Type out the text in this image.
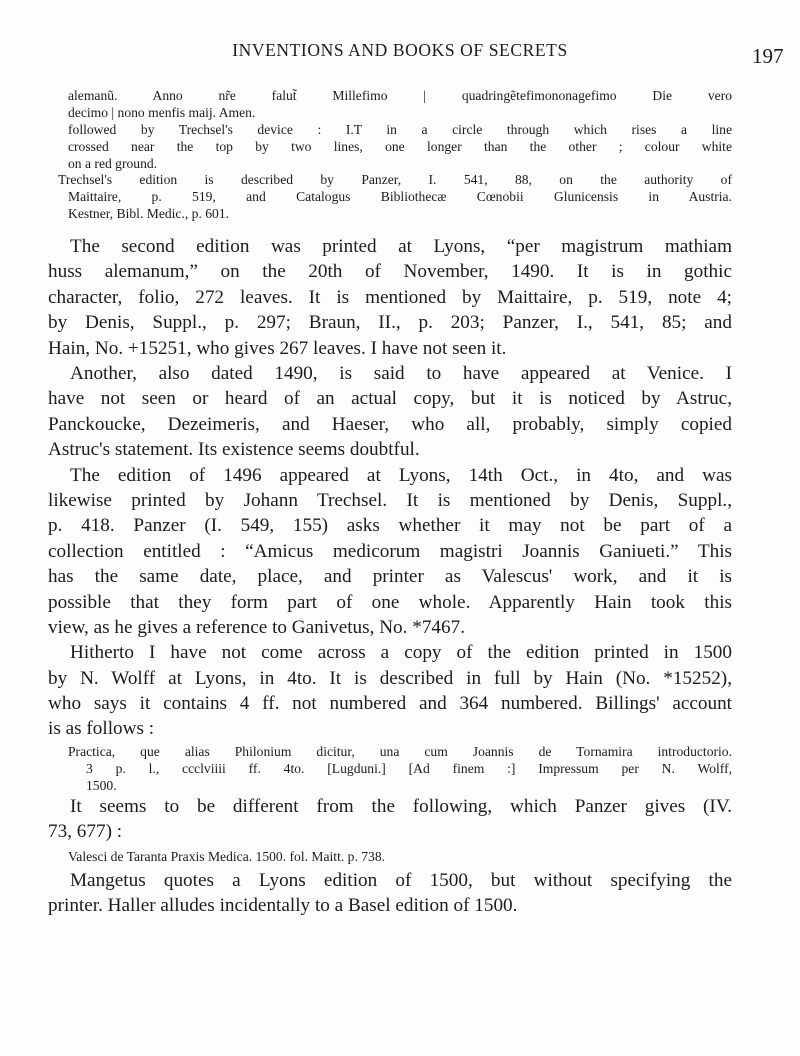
INVENTIONS AND BOOKS OF SECRETS	197
alemanũ. Anno nr̃e falut̃ Millefimo | quadringẽtefimononagefimo Die vero
decimo | nono menfis maij. Amen.
followed by Trechsel's device : I.T in a circle through which rises a line
crossed near the top by two lines, one longer than the other ; colour white
on a red ground.
Trechsel's edition is described by Panzer, I. 541, 88, on the authority of
Maittaire, p. 519, and Catalogus Bibliothecæ Cœnobii Glunicensis in Austria.
Kestner, Bibl. Medic., p. 601.
The second edition was printed at Lyons, “per magistrum mathiam
huss alemanum,” on the 20th of November, 1490. It is in gothic
character, folio, 272 leaves. It is mentioned by Maittaire, p. 519, note 4;
by Denis, Suppl., p. 297; Braun, II., p. 203; Panzer, I., 541, 85; and
Hain, No. +15251, who gives 267 leaves. I have not seen it.
Another, also dated 1490, is said to have appeared at Venice. I
have not seen or heard of an actual copy, but it is noticed by Astruc,
Panckoucke, Dezeimeris, and Haeser, who all, probably, simply copied
Astruc's statement. Its existence seems doubtful.
The edition of 1496 appeared at Lyons, 14th Oct., in 4to, and was
likewise printed by Johann Trechsel. It is mentioned by Denis, Suppl.,
p. 418. Panzer (I. 549, 155) asks whether it may not be part of a
collection entitled : “Amicus medicorum magistri Joannis Ganiueti.” This
has the same date, place, and printer as Valescus' work, and it is
possible that they form part of one whole. Apparently Hain took this
view, as he gives a reference to Ganivetus, No. *7467.
Hitherto I have not come across a copy of the edition printed in 1500
by N. Wolff at Lyons, in 4to. It is described in full by Hain (No. *15252),
who says it contains 4 ff. not numbered and 364 numbered. Billings' account
is as follows :
Practica, que alias Philonium dicitur, una cum Joannis de Tornamira introductorio.
3 p. l., ccclviiii ff. 4to. [Lugduni.] [Ad finem :] Impressum per N. Wolff,
1500.
It seems to be different from the following, which Panzer gives (IV.
73, 677) :
Valesci de Taranta Praxis Medica. 1500. fol. Maitt. p. 738.
Mangetus quotes a Lyons edition of 1500, but without specifying the
printer. Haller alludes incidentally to a Basel edition of 1500.
